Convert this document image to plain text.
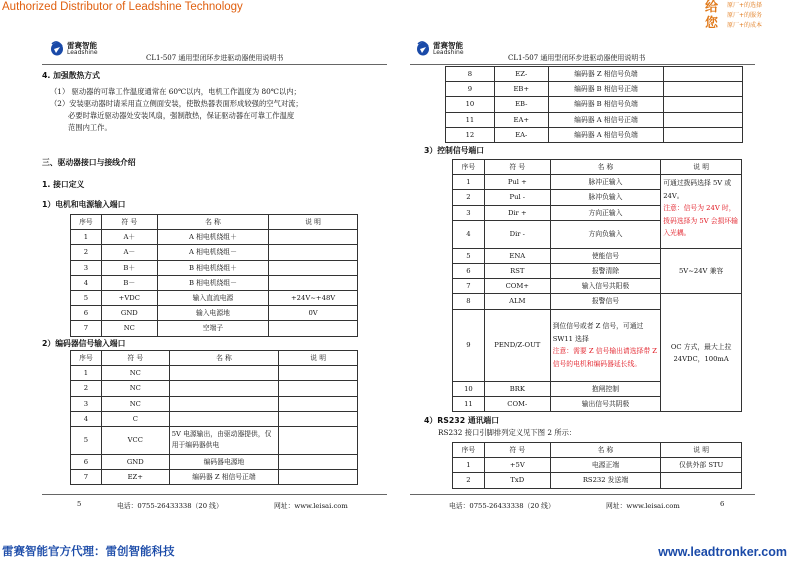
Authorized Distributor of Leadshine Technology	给
您
原厂+的选择
原厂+的服务
原厂+的成本
雷赛智能
Leadshine
CL1-507 通用型闭环步进驱动器使用说明书
4. 加强散热方式
（1） 驱动器的可靠工作温度通常在 60℃以内，电机工作温度为 80℃以内；
（2）安装驱动器时请采用直立侧面安装，使散热器表面形成较强的空气对流；
必要时靠近驱动器处安装风扇，强制散热，保证驱动器在可靠工作温度
范围内工作。
三、驱动器接口与接线介绍
1. 接口定义
1）电机和电源输入端口
序号	符 号	名 称	说 明
1	A＋	A 相电机绕组＋	
2	A－	A 相电机绕组－	
3	B＋	B 相电机绕组＋	
4	B－	B 相电机绕组－	
5	+VDC	输入直流电源	+24V~+48V
6	GND	输入电源地	0V
7	NC	空端子	
2）编码器信号输入端口
序号	符 号	名 称	说 明
1	NC		
2	NC		
3	NC		
4	C		
5	VCC	5V 电源输出，由驱动器提供，仅用于编码器供电	
6	GND	编码器电源地	
7	EZ+	编码器 Z 相信号正端	
5	电话：0755-26433338（20 线）	网址：www.leisai.com
雷赛智能
Leadshine
CL1-507 通用型闭环步进驱动器使用说明书
8	EZ-	编码器 Z 相信号负端	
9	EB+	编码器 B 相信号正端	
10	EB-	编码器 B 相信号负端	
11	EA+	编码器 A 相信号正端	
12	EA-	编码器 A 相信号负端	
3）控制信号端口
序号	符 号	名 称	说 明
1	Pul +	脉冲正输入	可通过拨码选择 5V 或 24V。
注意：信号为 24V 时，拨码选择为 5V 会损坏输入光耦。
2	Pul -	脉冲负输入	
3	Dir +	方向正输入	
4	Dir -	方向负输入	
5	ENA	使能信号	5V~24V 兼容
6	RST	报警清除	
7	COM+	输入信号共阳极	
8	ALM	报警信号	OC 方式，最大上拉 24VDC，100mA
9	PEND/Z-OUT	到位信号或者 Z 信号，可通过 SW11 选择
注意：需要 Z 信号输出请选择带 Z 信号的电机和编码器延长线。	
10	BRK	抱闸控制	
11	COM-	输出信号共阴极	
4）RS232 通讯端口
RS232 接口引脚排列定义见下图 2 所示：
序号	符 号	名 称	说 明
1	+5V	电源正端	仅供外部 STU
2	TxD	RS232 发送端	
6
电话：0755-26433338（20 线）	网址：www.leisai.com
雷赛智能官方代理：雷创智能科技	www.leadtronker.com
